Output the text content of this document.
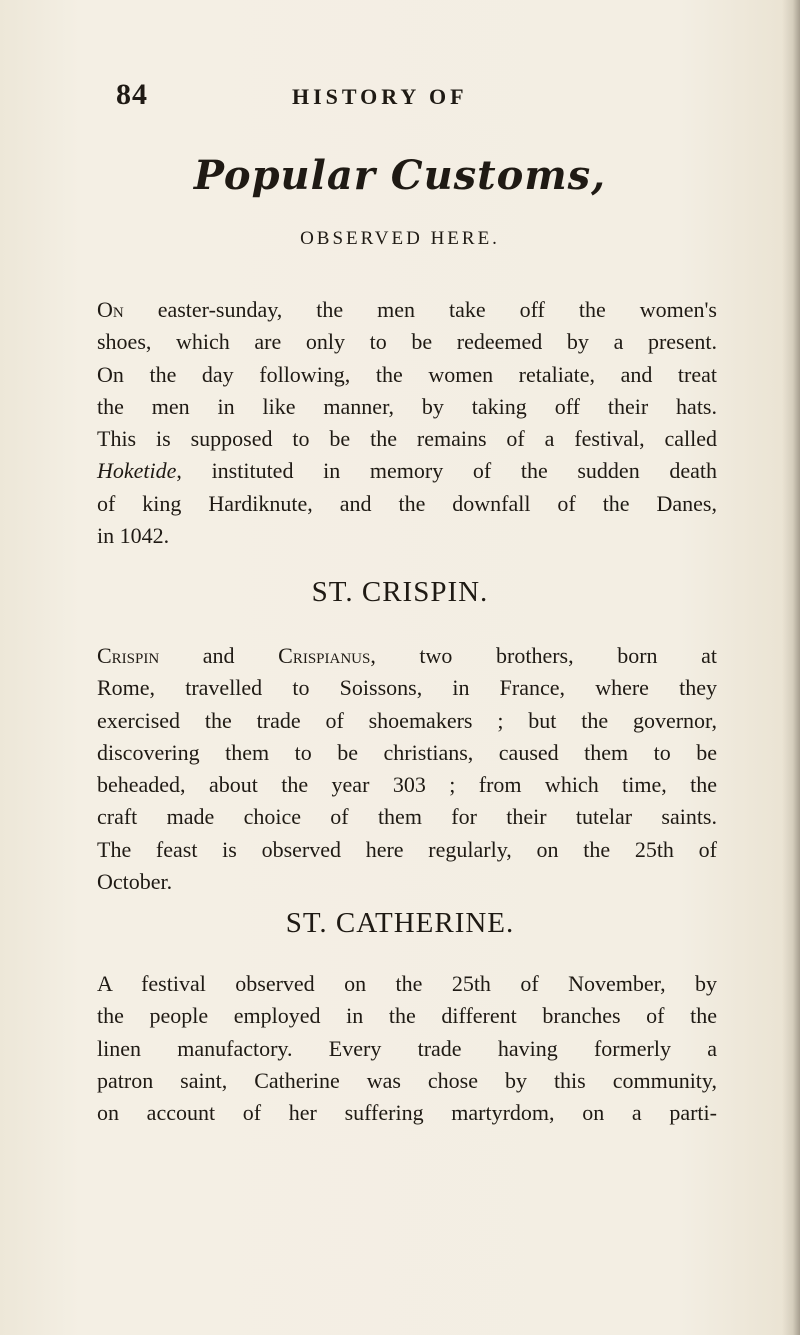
84	HISTORY OF
Popular Customs,
OBSERVED HERE.
On easter-sunday, the men take off the women's
shoes, which are only to be redeemed by a present.
On the day following, the women retaliate, and treat
the men in like manner, by taking off their hats.
This is supposed to be the remains of a festival, called
Hoketide, instituted in memory of the sudden death
of king Hardiknute, and the downfall of the Danes,
in 1042.
ST. CRISPIN.
Crispin and Crispianus, two brothers, born at
Rome, travelled to Soissons, in France, where they
exercised the trade of shoemakers ; but the governor,
discovering them to be christians, caused them to be
beheaded, about the year 303 ; from which time, the
craft made choice of them for their tutelar saints.
The feast is observed here regularly, on the 25th of
October.
ST. CATHERINE.
A festival observed on the 25th of November, by
the people employed in the different branches of the
linen manufactory. Every trade having formerly a
patron saint, Catherine was chose by this community,
on account of her suffering martyrdom, on a parti-
